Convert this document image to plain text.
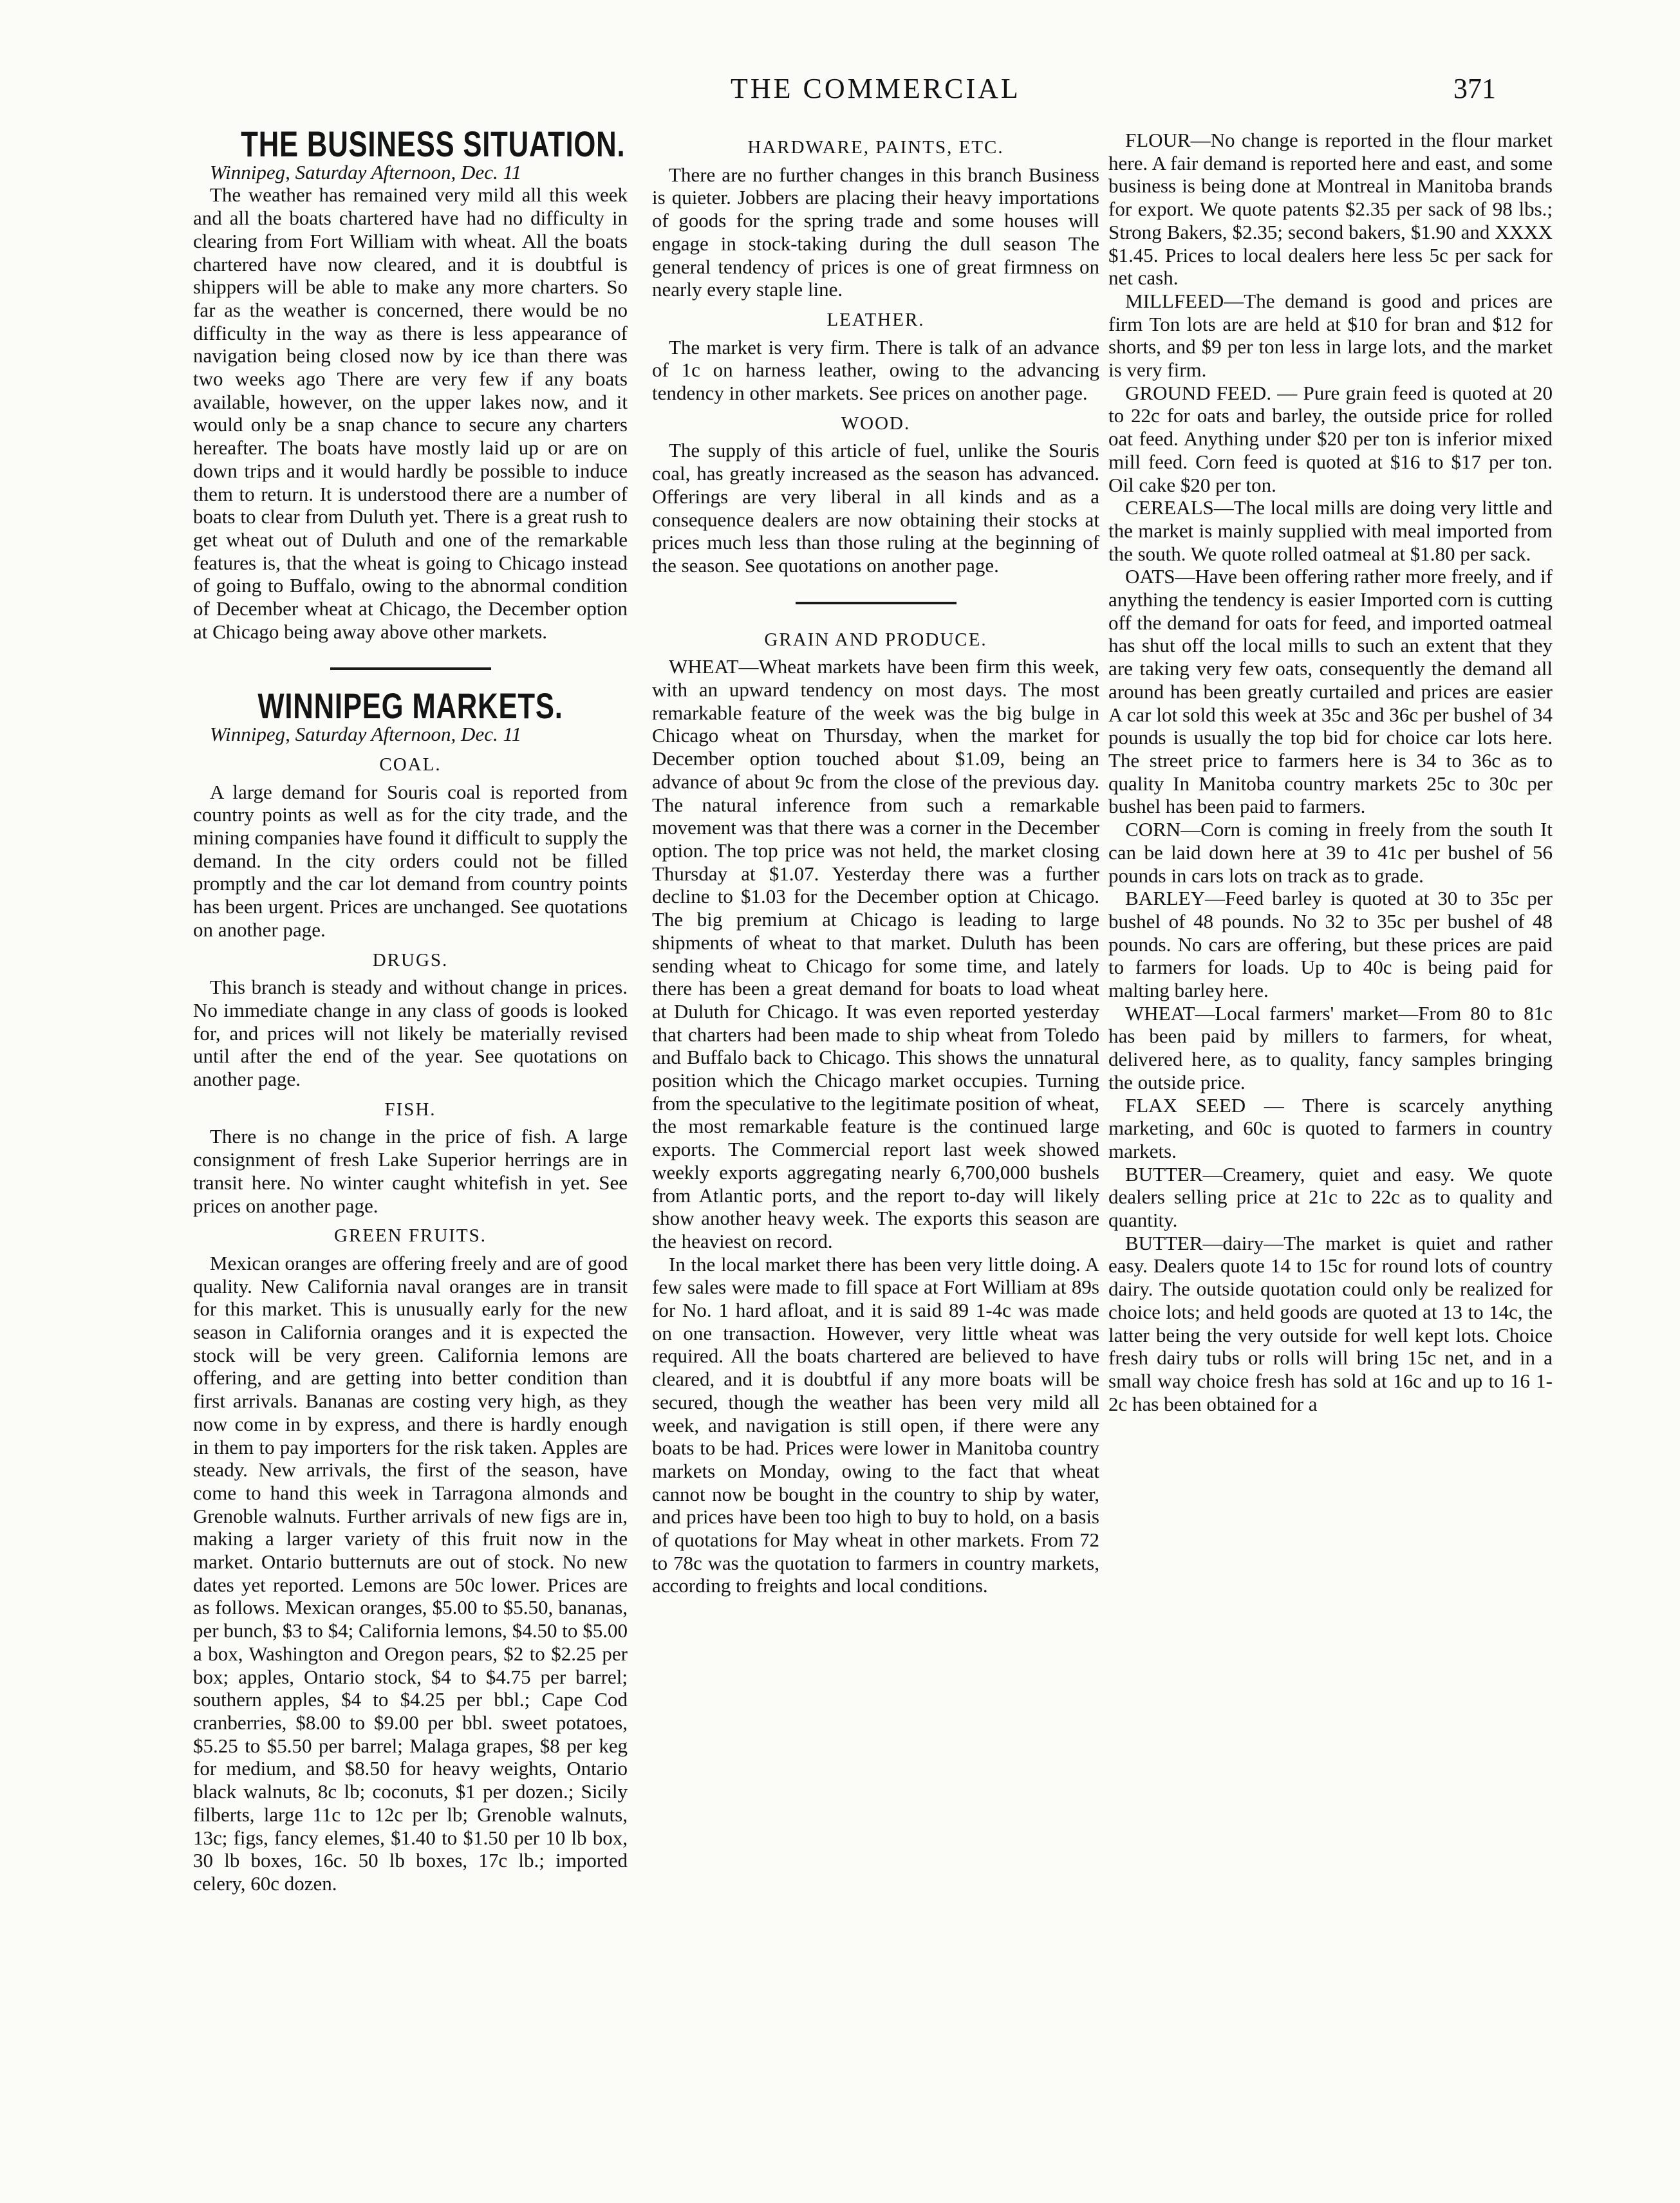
THE COMMERCIAL	371
THE BUSINESS SITUATION.

Winnipeg, Saturday Afternoon, Dec. 11

The weather has remained very mild all this week and all the boats chartered have had no difficulty in clearing from Fort William with wheat. All the boats chartered have now cleared, and it is doubtful is shippers will be able to make any more charters. So far as the weather is concerned, there would be no difficulty in the way as there is less appearance of navigation being closed now by ice than there was two weeks ago There are very few if any boats available, however, on the upper lakes now, and it would only be a snap chance to secure any charters hereafter. The boats have mostly laid up or are on down trips and it would hardly be possible to induce them to return. It is understood there are a number of boats to clear from Duluth yet. There is a great rush to get wheat out of Duluth and one of the remarkable features is, that the wheat is going to Chicago instead of going to Buffalo, owing to the abnormal condition of December wheat at Chicago, the December option at Chicago being away above other markets.

WINNIPEG MARKETS.

Winnipeg, Saturday Afternoon, Dec. 11

COAL.

A large demand for Souris coal is reported from country points as well as for the city trade, and the mining companies have found it difficult to supply the demand. In the city orders could not be filled promptly and the car lot demand from country points has been urgent. Prices are unchanged. See quotations on another page.

DRUGS.

This branch is steady and without change in prices. No immediate change in any class of goods is looked for, and prices will not likely be materially revised until after the end of the year. See quotations on another page.

FISH.

There is no change in the price of fish. A large consignment of fresh Lake Superior herrings are in transit here. No winter caught whitefish in yet. See prices on another page.

GREEN FRUITS.

Mexican oranges are offering freely and are of good quality. New California naval oranges are in transit for this market. This is unusually early for the new season in California oranges and it is expected the stock will be very green. California lemons are offering, and are getting into better condition than first arrivals. Bananas are costing very high, as they now come in by express, and there is hardly enough in them to pay importers for the risk taken. Apples are steady. New arrivals, the first of the season, have come to hand this week in Tarragona almonds and Grenoble walnuts. Further arrivals of new figs are in, making a larger variety of this fruit now in the market. Ontario butternuts are out of stock. No new dates yet reported. Lemons are 50c lower. Prices are as follows. Mexican oranges, $5.00 to $5.50, bananas, per bunch, $3 to $4; California lemons, $4.50 to $5.00 a box, Washington and Oregon pears, $2 to $2.25 per box; apples, Ontario stock, $4 to $4.75 per barrel; southern apples, $4 to $4.25 per bbl.; Cape Cod cranberries, $8.00 to $9.00 per bbl. sweet potatoes, $5.25 to $5.50 per barrel; Malaga grapes, $8 per keg for medium, and $8.50 for heavy weights, Ontario black walnuts, 8c lb; coconuts, $1 per dozen.; Sicily filberts, large 11c to 12c per lb; Grenoble walnuts, 13c; figs, fancy elemes, $1.40 to $1.50 per 10 lb box, 30 lb boxes, 16c. 50 lb boxes, 17c lb.; imported celery, 60c dozen.

HARDWARE, PAINTS, ETC.

There are no further changes in this branch Business is quieter. Jobbers are placing their heavy importations of goods for the spring trade and some houses will engage in stock-taking during the dull season The general tendency of prices is one of great firmness on nearly every staple line.

LEATHER.

The market is very firm. There is talk of an advance of 1c on harness leather, owing to the advancing tendency in other markets. See prices on another page.

WOOD.

The supply of this article of fuel, unlike the Souris coal, has greatly increased as the season has advanced. Offerings are very liberal in all kinds and as a consequence dealers are now obtaining their stocks at prices much less than those ruling at the beginning of the season. See quotations on another page.

GRAIN AND PRODUCE.

WHEAT—Wheat markets have been firm this week, with an upward tendency on most days. The most remarkable feature of the week was the big bulge in Chicago wheat on Thursday, when the market for December option touched about $1.09, being an advance of about 9c from the close of the previous day. The natural inference from such a remarkable movement was that there was a corner in the December option. The top price was not held, the market closing Thursday at $1.07. Yesterday there was a further decline to $1.03 for the December option at Chicago. The big premium at Chicago is leading to large shipments of wheat to that market. Duluth has been sending wheat to Chicago for some time, and lately there has been a great demand for boats to load wheat at Duluth for Chicago. It was even reported yesterday that charters had been made to ship wheat from Toledo and Buffalo back to Chicago. This shows the unnatural position which the Chicago market occupies. Turning from the speculative to the legitimate position of wheat, the most remarkable feature is the continued large exports. The Commercial report last week showed weekly exports aggregating nearly 6,700,000 bushels from Atlantic ports, and the report to-day will likely show another heavy week. The exports this season are the heaviest on record.

In the local market there has been very little doing. A few sales were made to fill space at Fort William at 89s for No. 1 hard afloat, and it is said 89 1-4c was made on one transaction. However, very little wheat was required. All the boats chartered are believed to have cleared, and it is doubtful if any more boats will be secured, though the weather has been very mild all week, and navigation is still open, if there were any boats to be had. Prices were lower in Manitoba country markets on Monday, owing to the fact that wheat cannot now be bought in the country to ship by water, and prices have been too high to buy to hold, on a basis of quotations for May wheat in other markets. From 72 to 78c was the quotation to farmers in country markets, according to freights and local conditions.

FLOUR—No change is reported in the flour market here. A fair demand is reported here and east, and some business is being done at Montreal in Manitoba brands for export. We quote patents $2.35 per sack of 98 lbs.; Strong Bakers, $2.35; second bakers, $1.90 and XXXX $1.45. Prices to local dealers here less 5c per sack for net cash.

MILLFEED—The demand is good and prices are firm Ton lots are are held at $10 for bran and $12 for shorts, and $9 per ton less in large lots, and the market is very firm.

GROUND FEED. — Pure grain feed is quoted at 20 to 22c for oats and barley, the outside price for rolled oat feed. Anything under $20 per ton is inferior mixed mill feed. Corn feed is quoted at $16 to $17 per ton. Oil cake $20 per ton.

CEREALS—The local mills are doing very little and the market is mainly supplied with meal imported from the south. We quote rolled oatmeal at $1.80 per sack.

OATS—Have been offering rather more freely, and if anything the tendency is easier Imported corn is cutting off the demand for oats for feed, and imported oatmeal has shut off the local mills to such an extent that they are taking very few oats, consequently the demand all around has been greatly curtailed and prices are easier A car lot sold this week at 35c and 36c per bushel of 34 pounds is usually the top bid for choice car lots here. The street price to farmers here is 34 to 36c as to quality In Manitoba country markets 25c to 30c per bushel has been paid to farmers.

CORN—Corn is coming in freely from the south It can be laid down here at 39 to 41c per bushel of 56 pounds in cars lots on track as to grade.

BARLEY—Feed barley is quoted at 30 to 35c per bushel of 48 pounds. No 32 to 35c per bushel of 48 pounds. No cars are offering, but these prices are paid to farmers for loads. Up to 40c is being paid for malting barley here.

WHEAT—Local farmers' market—From 80 to 81c has been paid by millers to farmers, for wheat, delivered here, as to quality, fancy samples bringing the outside price.

FLAX SEED — There is scarcely anything marketing, and 60c is quoted to farmers in country markets.

BUTTER—Creamery, quiet and easy. We quote dealers selling price at 21c to 22c as to quality and quantity.

BUTTER—dairy—The market is quiet and rather easy. Dealers quote 14 to 15c for round lots of country dairy. The outside quotation could only be realized for choice lots; and held goods are quoted at 13 to 14c, the latter being the very outside for well kept lots. Choice fresh dairy tubs or rolls will bring 15c net, and in a small way choice fresh has sold at 16c and up to 16 1-2c has been obtained for a
